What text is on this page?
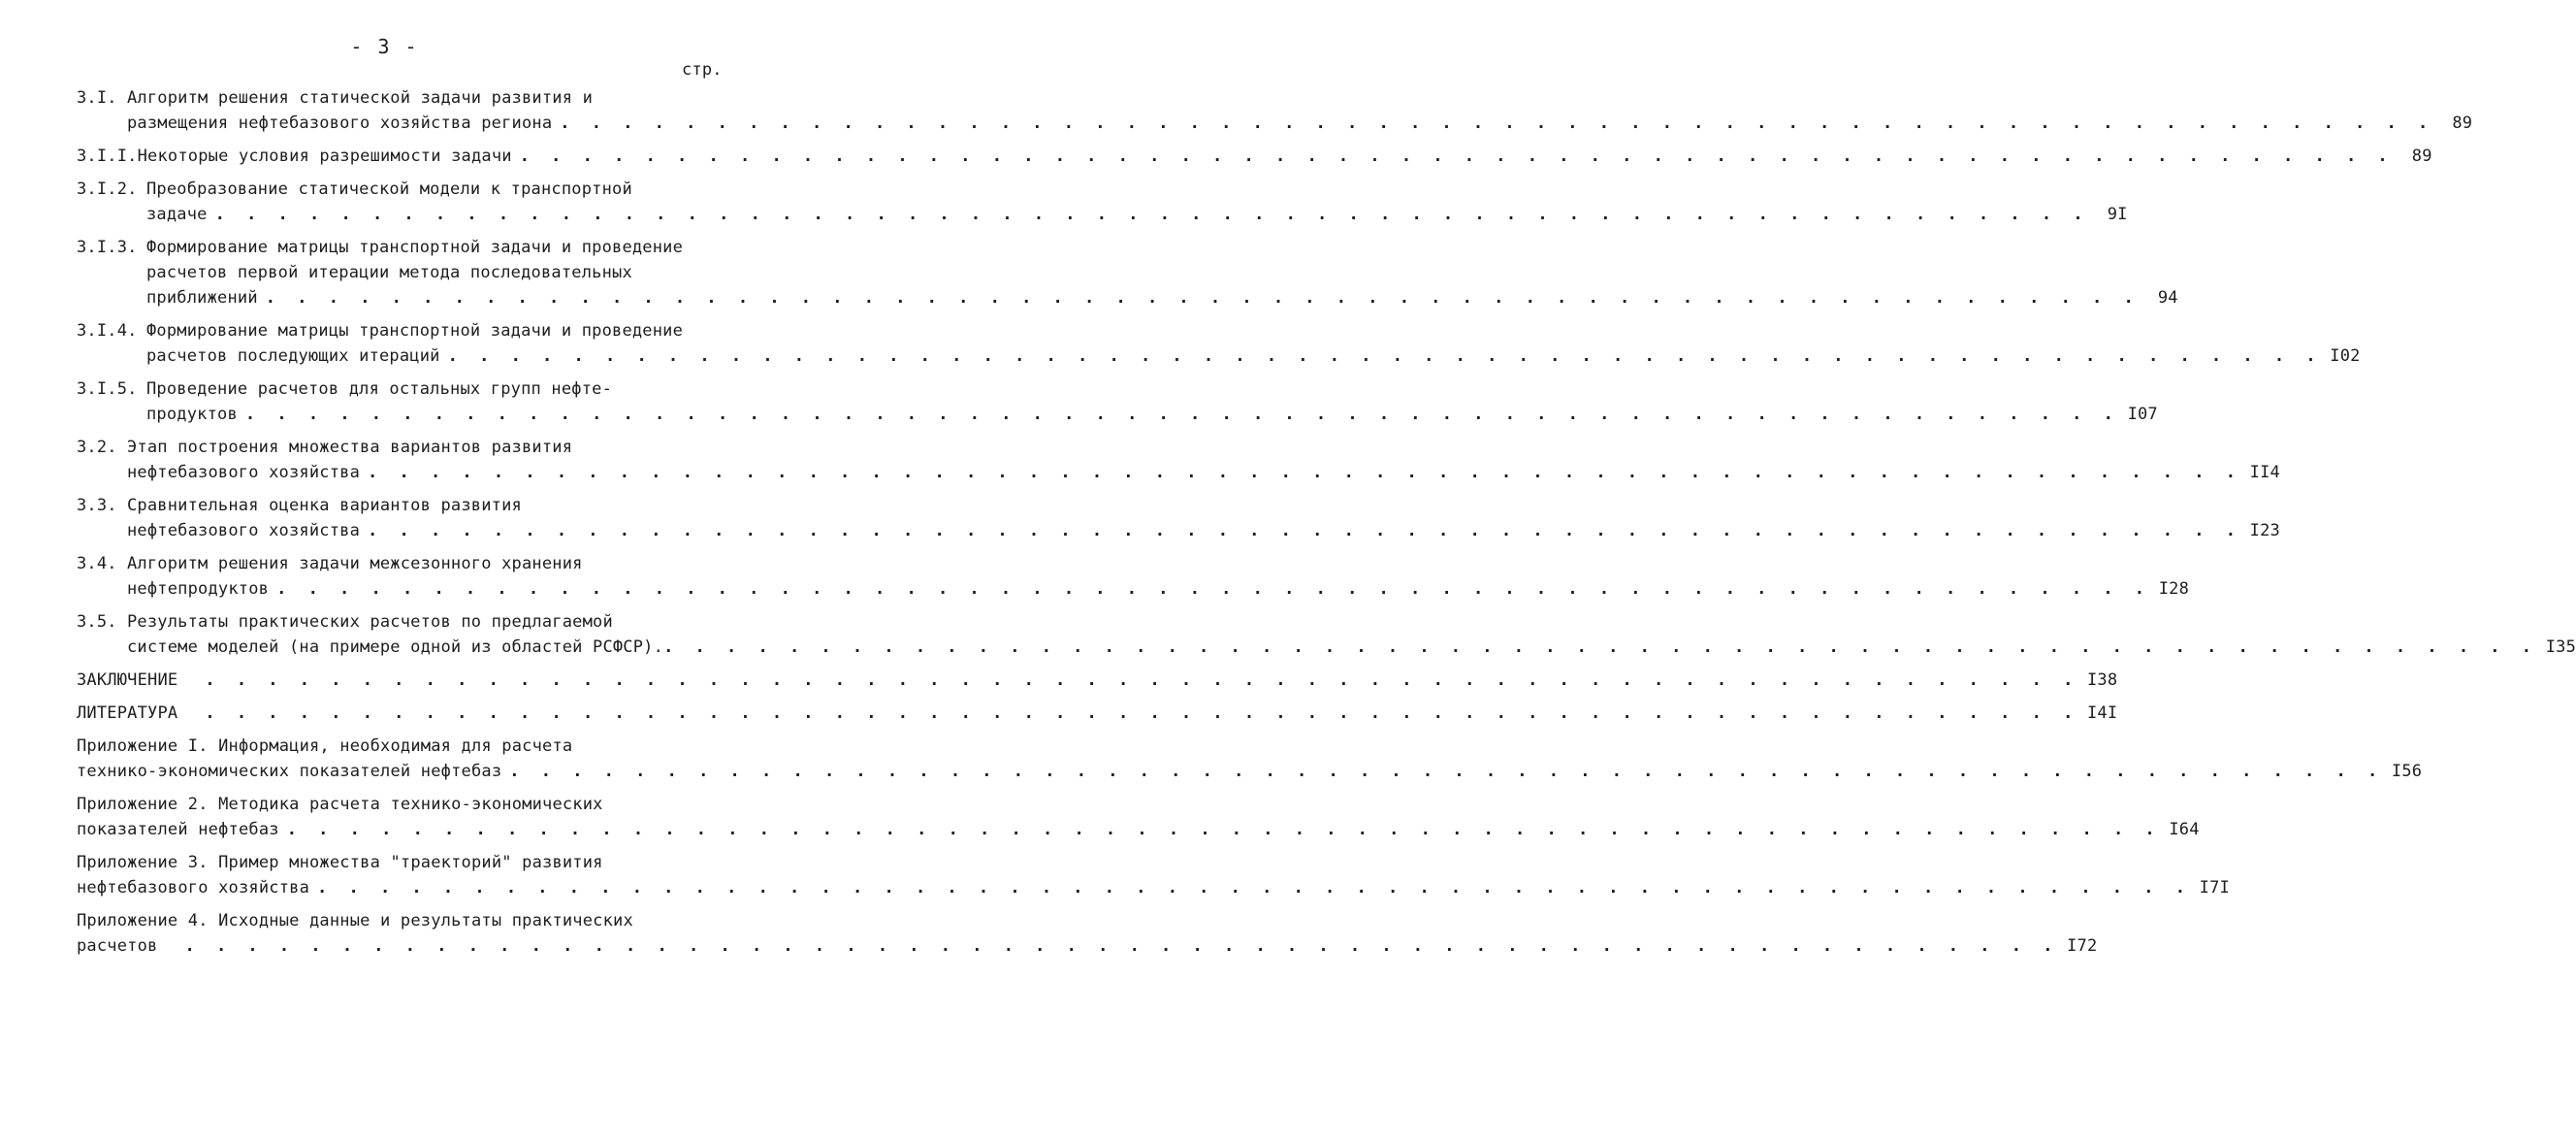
- 3 -
стр.
3.I. Алгоритм решения статической задачи развития и
размещения нефтебазового хозяйства региона . . . . . . . . . . . . . . . . . . . . . . . . . . . . . . . . . . . . . . . . . . . . . . . . . . . . . . . . . . . .	89
3.I.I. Некоторые условия разрешимости задачи . . . . . . . . . . . . . . . . . . . . . . . . . . . . . . . . . . . . . . . . . . . . . . . . . . . . . . . . . . . .	89
3.I.2. Преобразование статической модели к транспортной
задаче . . . . . . . . . . . . . . . . . . . . . . . . . . . . . . . . . . . . . . . . . . . . . . . . . . . . . . . . . . . .	9I
3.I.3. Формирование матрицы транспортной задачи и проведение
расчетов первой итерации метода последовательных
приближений . . . . . . . . . . . . . . . . . . . . . . . . . . . . . . . . . . . . . . . . . . . . . . . . . . . . . . . . . . . .	94
3.I.4. Формирование матрицы транспортной задачи и проведение
расчетов последующих итераций . . . . . . . . . . . . . . . . . . . . . . . . . . . . . . . . . . . . . . . . . . . . . . . . . . . . . . . . . . . . I02
3.I.5. Проведение расчетов для остальных групп нефте-
продуктов . . . . . . . . . . . . . . . . . . . . . . . . . . . . . . . . . . . . . . . . . . . . . . . . . . . . . . . . . . . . I07
3.2. Этап построения множества вариантов развития
нефтебазового хозяйства . . . . . . . . . . . . . . . . . . . . . . . . . . . . . . . . . . . . . . . . . . . . . . . . . . . . . . . . . . . . II4
3.3. Сравнительная оценка вариантов развития
нефтебазового хозяйства . . . . . . . . . . . . . . . . . . . . . . . . . . . . . . . . . . . . . . . . . . . . . . . . . . . . . . . . . . . . I23
3.4. Алгоритм решения задачи межсезонного хранения
нефтепродуктов . . . . . . . . . . . . . . . . . . . . . . . . . . . . . . . . . . . . . . . . . . . . . . . . . . . . . . . . . . . . I28
3.5. Результаты практических расчетов по предлагаемой
системе моделей (на примере одной из областей РСФСР). . . . . . . . . . . . . . . . . . . . . . . . . . . . . . . . . . . . . . . . . . . . . . . . . . . . . . . . . . . . . I35
ЗАКЛЮЧЕНИЕ . . . . . . . . . . . . . . . . . . . . . . . . . . . . . . . . . . . . . . . . . . . . . . . . . . . . . . . . . . . . I38
ЛИТЕРАТУРА . . . . . . . . . . . . . . . . . . . . . . . . . . . . . . . . . . . . . . . . . . . . . . . . . . . . . . . . . . . . I4I
Приложение I. Информация, необходимая для расчета
технико-экономических показателей нефтебаз . . . . . . . . . . . . . . . . . . . . . . . . . . . . . . . . . . . . . . . . . . . . . . . . . . . . . . . . . . . . I56
Приложение 2. Методика расчета технико-экономических
показателей нефтебаз . . . . . . . . . . . . . . . . . . . . . . . . . . . . . . . . . . . . . . . . . . . . . . . . . . . . . . . . . . . . I64
Приложение 3. Пример множества "траекторий" развития
нефтебазового хозяйства . . . . . . . . . . . . . . . . . . . . . . . . . . . . . . . . . . . . . . . . . . . . . . . . . . . . . . . . . . . . I7I
Приложение 4. Исходные данные и результаты практических
расчетов . . . . . . . . . . . . . . . . . . . . . . . . . . . . . . . . . . . . . . . . . . . . . . . . . . . . . . . . . . . . I72
